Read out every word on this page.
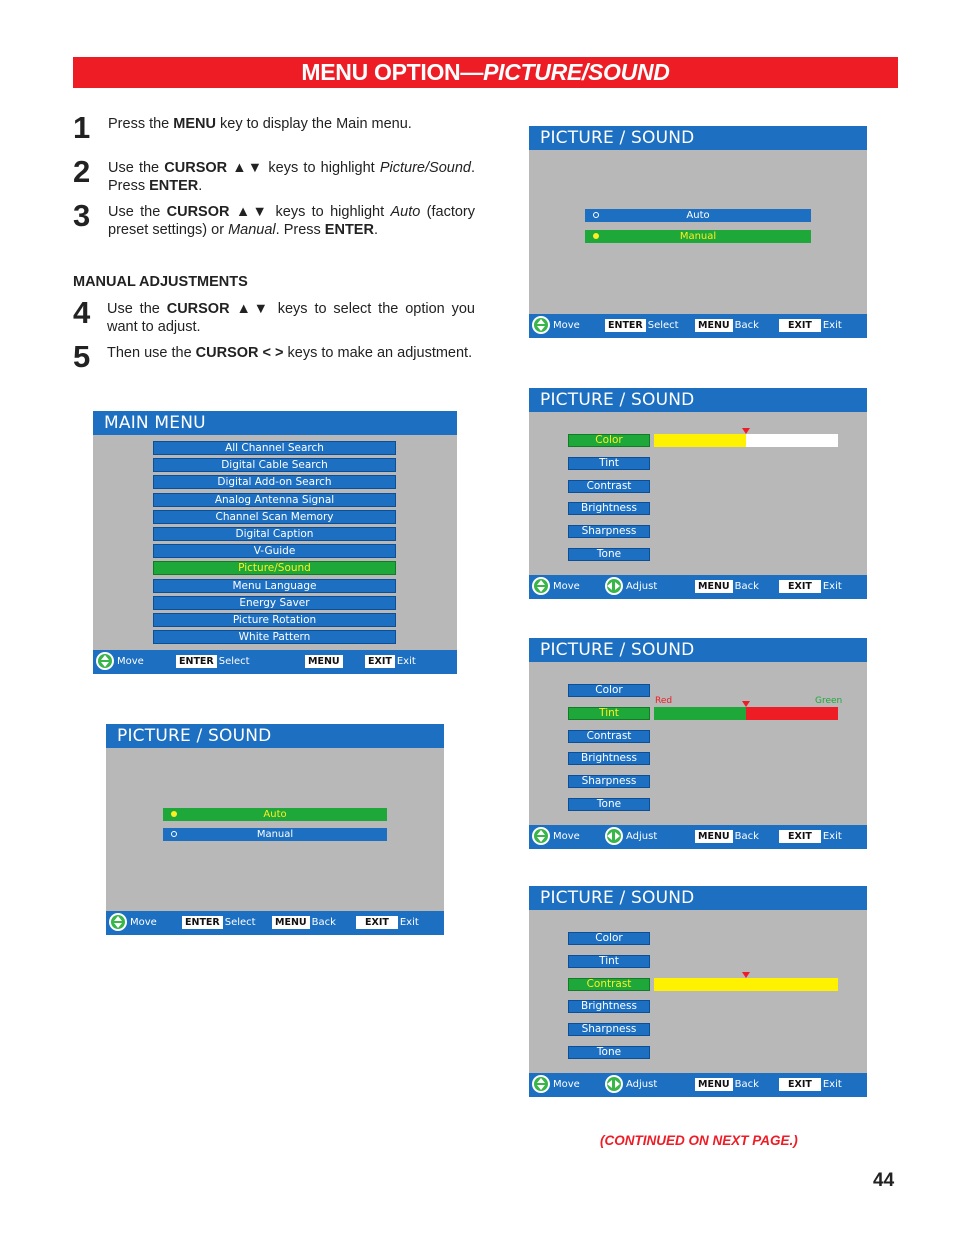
MENU OPTION—PICTURE/SOUND
1 Press the MENU key to display the Main menu.
2 Use the CURSOR ▲▼ keys to highlight Picture/Sound. Press ENTER.
3 Use the CURSOR ▲▼ keys to highlight Auto (factory preset settings) or Manual. Press ENTER.
4 Use the CURSOR ▲▼ keys to select the option you want to adjust.
5 Then use the CURSOR < > keys to make an adjustment.
MANUAL ADJUSTMENTS
MAIN MENU
All Channel Search
Digital Cable Search
Digital Add-on Search
Analog Antenna Signal
Channel Scan Memory
Digital Caption
V-Guide
Picture/Sound
Menu Language
Energy Saver
Picture Rotation
White Pattern
Move	ENTER Select	MENU	EXIT Exit
PICTURE / SOUND
Auto
Manual
Move	ENTER Select	MENU Back	EXIT Exit
PICTURE / SOUND
Auto
Manual
Move	ENTER Select	MENU Back	EXIT Exit
PICTURE / SOUND
Color
Tint
Contrast
Brightness
Sharpness
Tone
Move	Adjust	MENU Back	EXIT Exit
PICTURE / SOUND
Color
Tint
Contrast
Brightness
Sharpness
Tone
Red	Green
Move	Adjust	MENU Back	EXIT Exit
PICTURE / SOUND
Color
Tint
Contrast
Brightness
Sharpness
Tone
Move	Adjust	MENU Back	EXIT Exit
(CONTINUED ON NEXT PAGE.)
44
